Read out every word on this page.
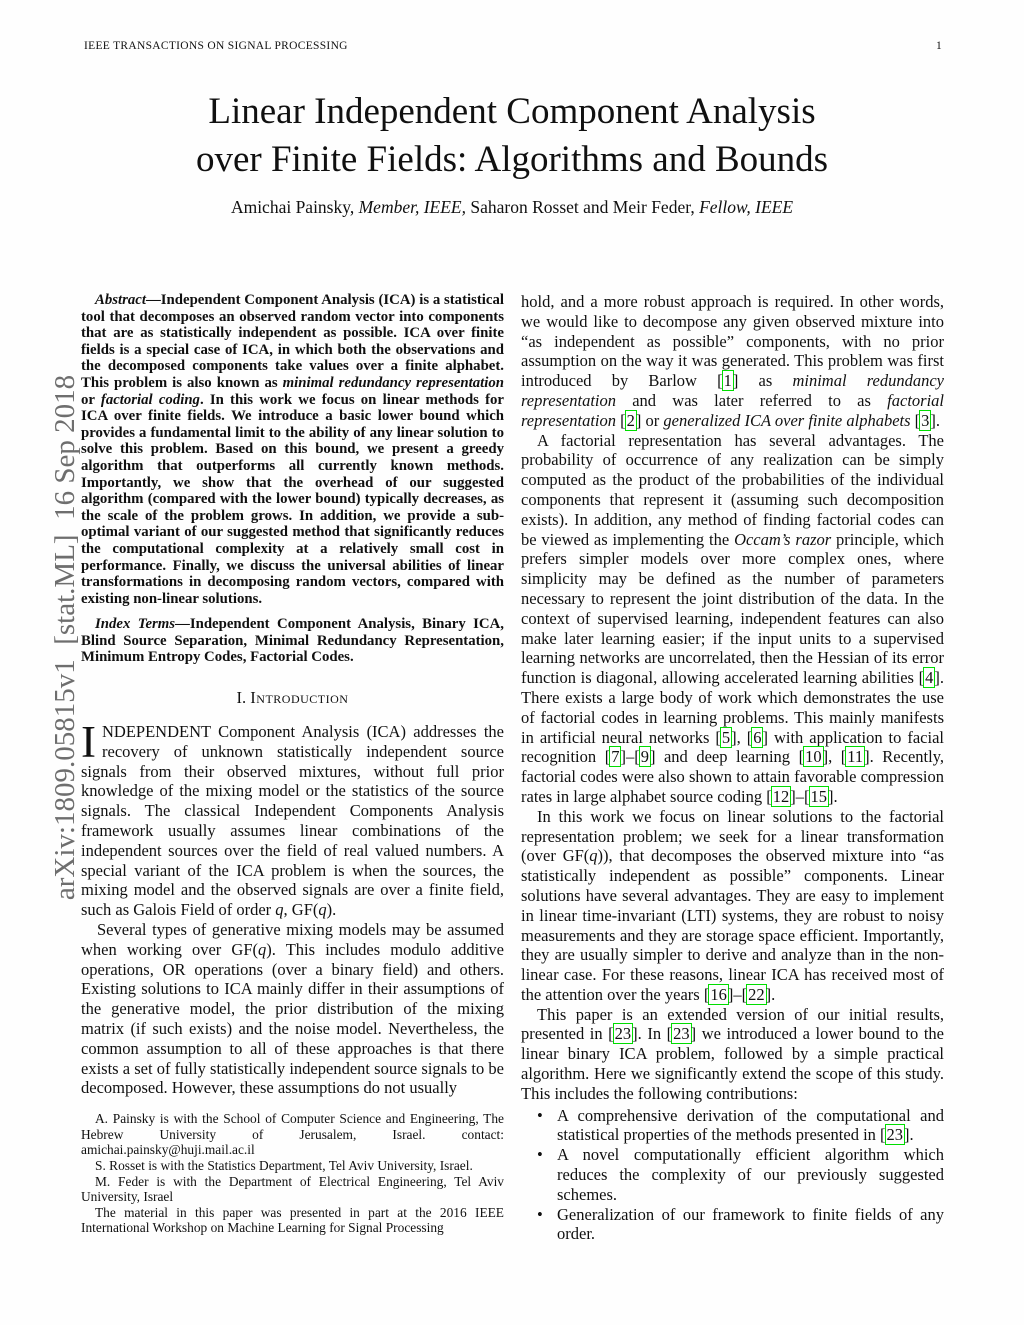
arXiv:1809.05815v1  [stat.ML]  16 Sep 2018

IEEE TRANSACTIONS ON SIGNAL PROCESSING	1
Linear Independent Component Analysis
over Finite Fields: Algorithms and Bounds
Amichai Painsky, Member, IEEE, Saharon Rosset and Meir Feder, Fellow, IEEE

Abstract—Independent Component Analysis (ICA) is a statistical tool that decomposes an observed random vector into components that are as statistically independent as possible. ICA over finite fields is a special case of ICA, in which both the observations and the decomposed components take values over a finite alphabet. This problem is also known as minimal redundancy representation or factorial coding. In this work we focus on linear methods for ICA over finite fields. We introduce a basic lower bound which provides a fundamental limit to the ability of any linear solution to solve this problem. Based on this bound, we present a greedy algorithm that outperforms all currently known methods. Importantly, we show that the overhead of our suggested algorithm (compared with the lower bound) typically decreases, as the scale of the problem grows. In addition, we provide a sub-optimal variant of our suggested method that significantly reduces the computational complexity at a relatively small cost in performance. Finally, we discuss the universal abilities of linear transformations in decomposing random vectors, compared with existing non-linear solutions.

Index Terms—Independent Component Analysis, Binary ICA, Blind Source Separation, Minimal Redundancy Representation, Minimum Entropy Codes, Factorial Codes.

I. Introduction

INDEPENDENT Component Analysis (ICA) addresses the recovery of unknown statistically independent source signals from their observed mixtures, without full prior knowledge of the mixing model or the statistics of the source signals. The classical Independent Components Analysis framework usually assumes linear combinations of the independent sources over the field of real valued numbers. A special variant of the ICA problem is when the sources, the mixing model and the observed signals are over a finite field, such as Galois Field of order q, GF(q).

Several types of generative mixing models may be assumed when working over GF(q). This includes modulo additive operations, OR operations (over a binary field) and others. Existing solutions to ICA mainly differ in their assumptions of the generative model, the prior distribution of the mixing matrix (if such exists) and the noise model. Nevertheless, the common assumption to all of these approaches is that there exists a set of fully statistically independent source signals to be decomposed. However, these assumptions do not usually

A. Painsky is with the School of Computer Science and Engineering, The Hebrew University of Jerusalem, Israel. contact: amichai.painsky@huji.mail.ac.il

S. Rosset is with the Statistics Department, Tel Aviv University, Israel.

M. Feder is with the Department of Electrical Engineering, Tel Aviv University, Israel

The material in this paper was presented in part at the 2016 IEEE International Workshop on Machine Learning for Signal Processing

hold, and a more robust approach is required. In other words, we would like to decompose any given observed mixture into “as independent as possible” components, with no prior assumption on the way it was generated. This problem was first introduced by Barlow [1] as minimal redundancy representation and was later referred to as factorial representation [2] or generalized ICA over finite alphabets [3].

A factorial representation has several advantages. The probability of occurrence of any realization can be simply computed as the product of the probabilities of the individual components that represent it (assuming such decomposition exists). In addition, any method of finding factorial codes can be viewed as implementing the Occam’s razor principle, which prefers simpler models over more complex ones, where simplicity may be defined as the number of parameters necessary to represent the joint distribution of the data. In the context of supervised learning, independent features can also make later learning easier; if the input units to a supervised learning networks are uncorrelated, then the Hessian of its error function is diagonal, allowing accelerated learning abilities [4]. There exists a large body of work which demonstrates the use of factorial codes in learning problems. This mainly manifests in artificial neural networks [5], [6] with application to facial recognition [7]–[9] and deep learning [10], [11]. Recently, factorial codes were also shown to attain favorable compression rates in large alphabet source coding [12]–[15].

In this work we focus on linear solutions to the factorial representation problem; we seek for a linear transformation (over GF(q)), that decomposes the observed mixture into “as statistically independent as possible” components. Linear solutions have several advantages. They are easy to implement in linear time-invariant (LTI) systems, they are robust to noisy measurements and they are storage space efficient. Importantly, they are usually simpler to derive and analyze than in the non-linear case. For these reasons, linear ICA has received most of the attention over the years [16]–[22].

This paper is an extended version of our initial results, presented in [23]. In [23] we introduced a lower bound to the linear binary ICA problem, followed by a simple practical algorithm. Here we significantly extend the scope of this study. This includes the following contributions:

• A comprehensive derivation of the computational and statistical properties of the methods presented in [23].
• A novel computationally efficient algorithm which reduces the complexity of our previously suggested schemes.
• Generalization of our framework to finite fields of any order.
